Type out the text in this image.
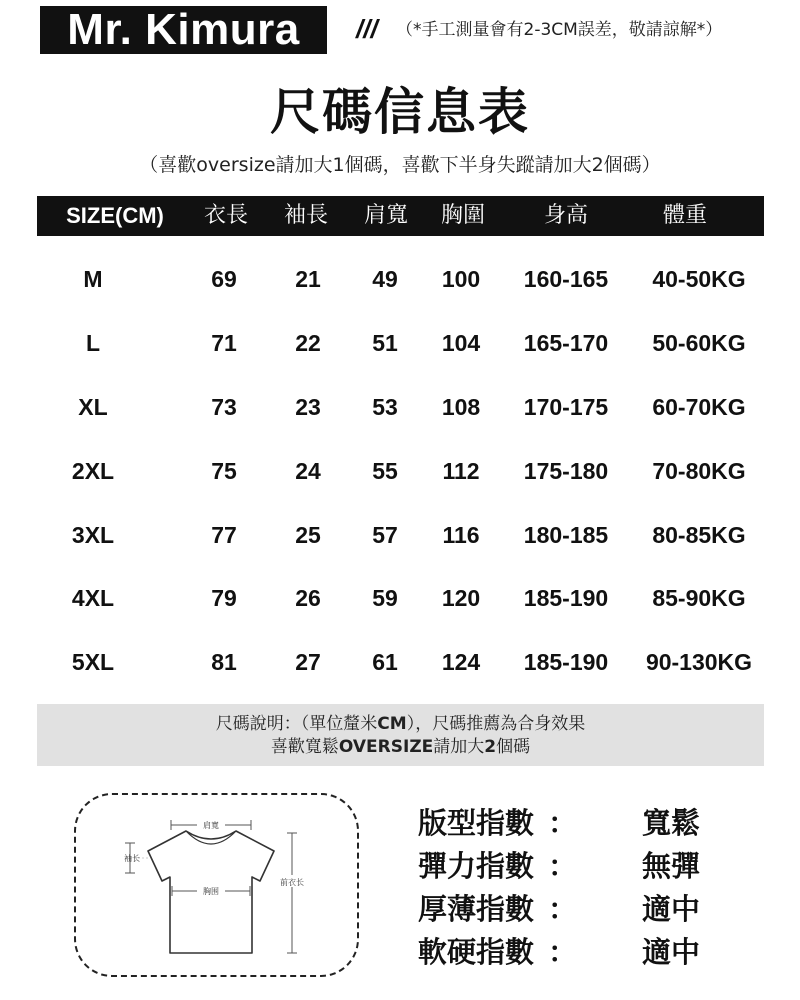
Mr. Kimura	/// （*手工測量會有2-3CM誤差，敬請諒解*）
尺碼信息表
（喜歡oversize請加大1個碼，喜歡下半身失蹤請加大2個碼）
SIZE(CM)	衣長	袖長	肩寬	胸圍	身高	體重
M	69	21	49	100	160-165	40-50KG
L	71	22	51	104	165-170	50-60KG
XL	73	23	53	108	170-175	60-70KG
2XL	75	24	55	112	175-180	70-80KG
3XL	77	25	57	116	180-185	80-85KG
4XL	79	26	59	120	185-190	85-90KG
5XL	81	27	61	124	185-190	90-130KG
尺碼說明：（單位釐米CM），尺碼推薦為合身效果
喜歡寬鬆OVERSIZE請加大2個碼
肩寬
袖长
胸围
前衣长
版型指數 ： 寬鬆
彈力指數 ： 無彈
厚薄指數 ： 適中
軟硬指數 ： 適中
